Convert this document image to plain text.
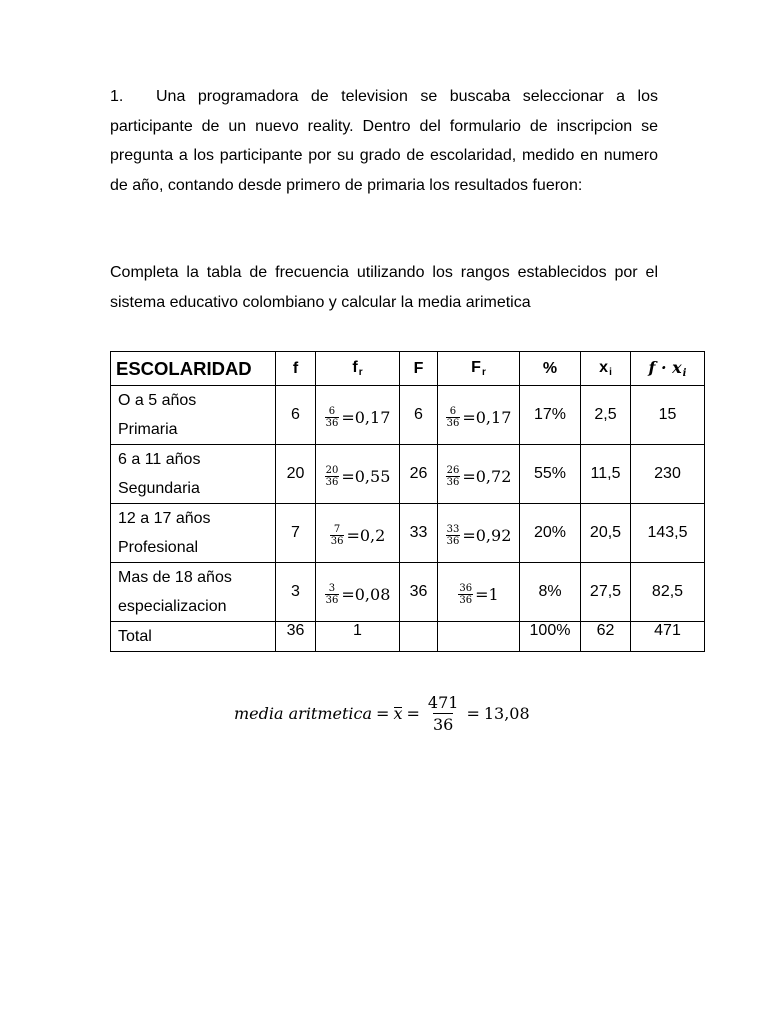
1. Una programadora de television se buscaba seleccionar a los participante de un nuevo reality. Dentro del formulario de inscripcion se pregunta a los participante por su grado de escolaridad, medido en numero de año, contando desde primero de primaria los resultados fueron:
Completa la tabla de frecuencia utilizando los rangos establecidos por el sistema educativo colombiano y calcular la media arimetica
ESCOLARIDAD	f	$f_r$	F	$F_r$	%	$x_i$	$f \cdot x_i$

O a 5 años
Primaria	6	$\frac{6}{36} =0,17$	6	$\frac{6}{36} =0,17$	17%	2,5	15

6 a 11 años
Segundaria	20	$\frac{20}{36} =0,55$	26	$\frac{26}{36} =0,72$	55%	11,5	230

12 a 17 años
Profesional	7	$\frac{7}{36} =0,2$	33	$\frac{33}{36} =0,92$	20%	20,5	143,5

Mas de 18 años
especializacion	3	$\frac{3}{36} =0,08$	36	$\frac{36}{36} =1$	8%	27,5	82,5
Total	36	1			100%	62	471
media aritmetica = $x = \frac{471}{36} = 13,08$
